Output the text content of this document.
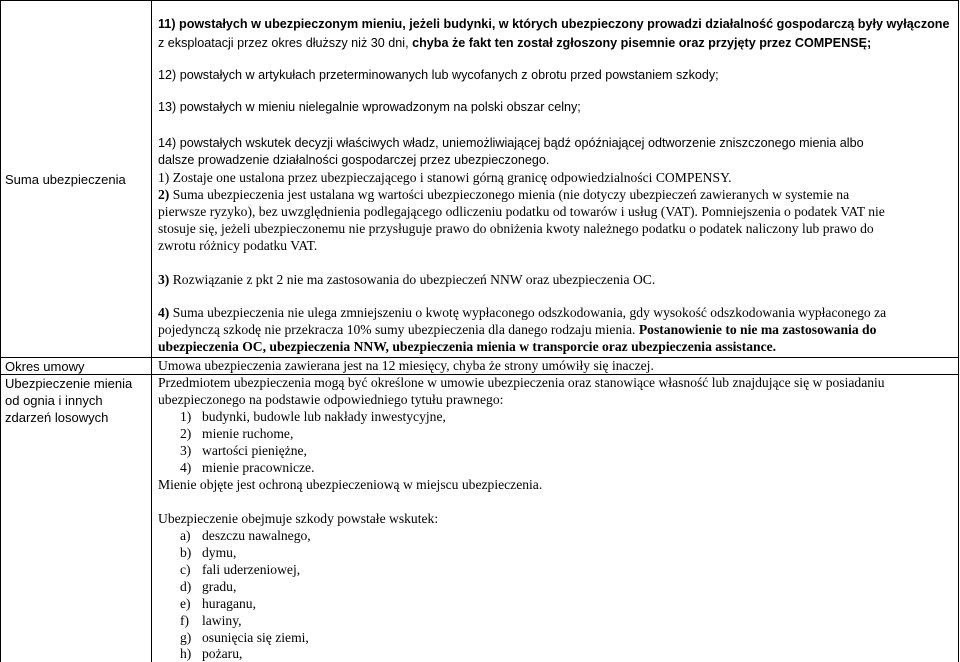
Suma ubezpieczenia
Okres umowy
Ubezpieczenie mienia
od ognia i innych
zdarzeń losowych
11) powstałych w ubezpieczonym mieniu, jeżeli budynki, w których ubezpieczony prowadzi działalność gospodarczą były wyłączone
z eksploatacji przez okres dłuższy niż 30 dni, chyba że fakt ten został zgłoszony pisemnie oraz przyjęty przez COMPENSĘ;
12) powstałych w artykułach przeterminowanych lub wycofanych z obrotu przed powstaniem szkody;
13) powstałych w mieniu nielegalnie wprowadzonym na polski obszar celny;
14) powstałych wskutek decyzji właściwych władz, uniemożliwiającej bądź opóźniającej odtworzenie zniszczonego mienia albo
dalsze prowadzenie działalności gospodarczej przez ubezpieczonego.
1) Zostaje one ustalona przez ubezpieczającego i stanowi górną granicę odpowiedzialności COMPENSY.
2) Suma ubezpieczenia jest ustalana wg wartości ubezpieczonego mienia (nie dotyczy ubezpieczeń zawieranych w systemie na
pierwsze ryzyko), bez uwzględnienia podlegającego odliczeniu podatku od towarów i usług (VAT). Pomniejszenia o podatek VAT nie
stosuje się, jeżeli ubezpieczonemu nie przysługuje prawo do obniżenia kwoty należnego podatku o podatek naliczony lub prawo do
zwrotu różnicy podatku VAT.
3) Rozwiązanie z pkt 2 nie ma zastosowania do ubezpieczeń NNW oraz ubezpieczenia OC.
4) Suma ubezpieczenia nie ulega zmniejszeniu o kwotę wypłaconego odszkodowania, gdy wysokość odszkodowania wypłaconego za
pojedynczą szkodę nie przekracza 10% sumy ubezpieczenia dla danego rodzaju mienia. Postanowienie to nie ma zastosowania do
ubezpieczenia OC, ubezpieczenia NNW, ubezpieczenia mienia w transporcie oraz ubezpieczenia assistance.
Umowa ubezpieczenia zawierana jest na 12 miesięcy, chyba że strony umówiły się inaczej.
Przedmiotem ubezpieczenia mogą być określone w umowie ubezpieczenia oraz stanowiące własność lub znajdujące się w posiadaniu
ubezpieczonego na podstawie odpowiedniego tytułu prawnego:
1) budynki, budowle lub nakłady inwestycyjne,
2) mienie ruchome,
3) wartości pieniężne,
4) mienie pracownicze.
Mienie objęte jest ochroną ubezpieczeniową w miejscu ubezpieczenia.
Ubezpieczenie obejmuje szkody powstałe wskutek:
a) deszczu nawalnego,
b) dymu,
c) fali uderzeniowej,
d) gradu,
e) huraganu,
f) lawiny,
g) osunięcia się ziemi,
h) pożaru,
